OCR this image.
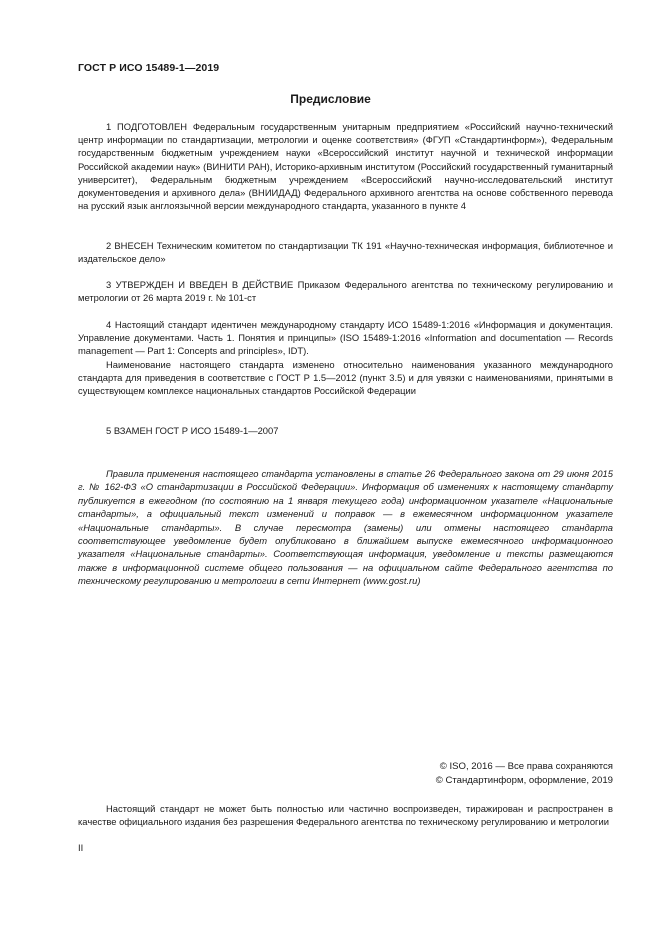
ГОСТ Р ИСО 15489-1—2019
Предисловие

1 ПОДГОТОВЛЕН Федеральным государственным унитарным предприятием «Российский научно-технический центр информации по стандартизации, метрологии и оценке соответствия» (ФГУП «Стандартинформ»), Федеральным государственным бюджетным учреждением науки «Всероссийский институт научной и технической информации Российской академии наук» (ВИНИТИ РАН), Историко-архивным институтом (Российский государственный гуманитарный университет), Федеральным бюджетным учреждением «Всероссийский научно-исследовательский институт документоведения и архивного дела» (ВНИИДАД) Федерального архивного агентства на основе собственного перевода на русский язык англоязычной версии международного стандарта, указанного в пункте 4

2 ВНЕСЕН Техническим комитетом по стандартизации ТК 191 «Научно-техническая информация, библиотечное и издательское дело»

3 УТВЕРЖДЕН И ВВЕДЕН В ДЕЙСТВИЕ Приказом Федерального агентства по техническому регулированию и метрологии от 26 марта 2019 г. № 101-ст

4 Настоящий стандарт идентичен международному стандарту ИСО 15489-1:2016 «Информация и документация. Управление документами. Часть 1. Понятия и принципы» (ISO 15489-1:2016 «Information and documentation — Records management — Part 1: Concepts and principles», IDT).

Наименование настоящего стандарта изменено относительно наименования указанного международного стандарта для приведения в соответствие с ГОСТ Р 1.5—2012 (пункт 3.5) и для увязки с наименованиями, принятыми в существующем комплексе национальных стандартов Российской Федерации

5 ВЗАМЕН ГОСТ Р ИСО 15489-1—2007

Правила применения настоящего стандарта установлены в статье 26 Федерального закона от 29 июня 2015 г. № 162-ФЗ «О стандартизации в Российской Федерации». Информация об изменениях к настоящему стандарту публикуется в ежегодном (по состоянию на 1 января текущего года) информационном указателе «Национальные стандарты», а официальный текст изменений и поправок — в ежемесячном информационном указателе «Национальные стандарты». В случае пересмотра (замены) или отмены настоящего стандарта соответствующее уведомление будет опубликовано в ближайшем выпуске ежемесячного информационного указателя «Национальные стандарты». Соответствующая информация, уведомление и тексты размещаются также в информационной системе общего пользования — на официальном сайте Федерального агентства по техническому регулированию и метрологии в сети Интернет (www.gost.ru)

© ISO, 2016 — Все права сохраняются
© Стандартинформ, оформление, 2019

Настоящий стандарт не может быть полностью или частично воспроизведен, тиражирован и распространен в качестве официального издания без разрешения Федерального агентства по техническому регулированию и метрологии

II
